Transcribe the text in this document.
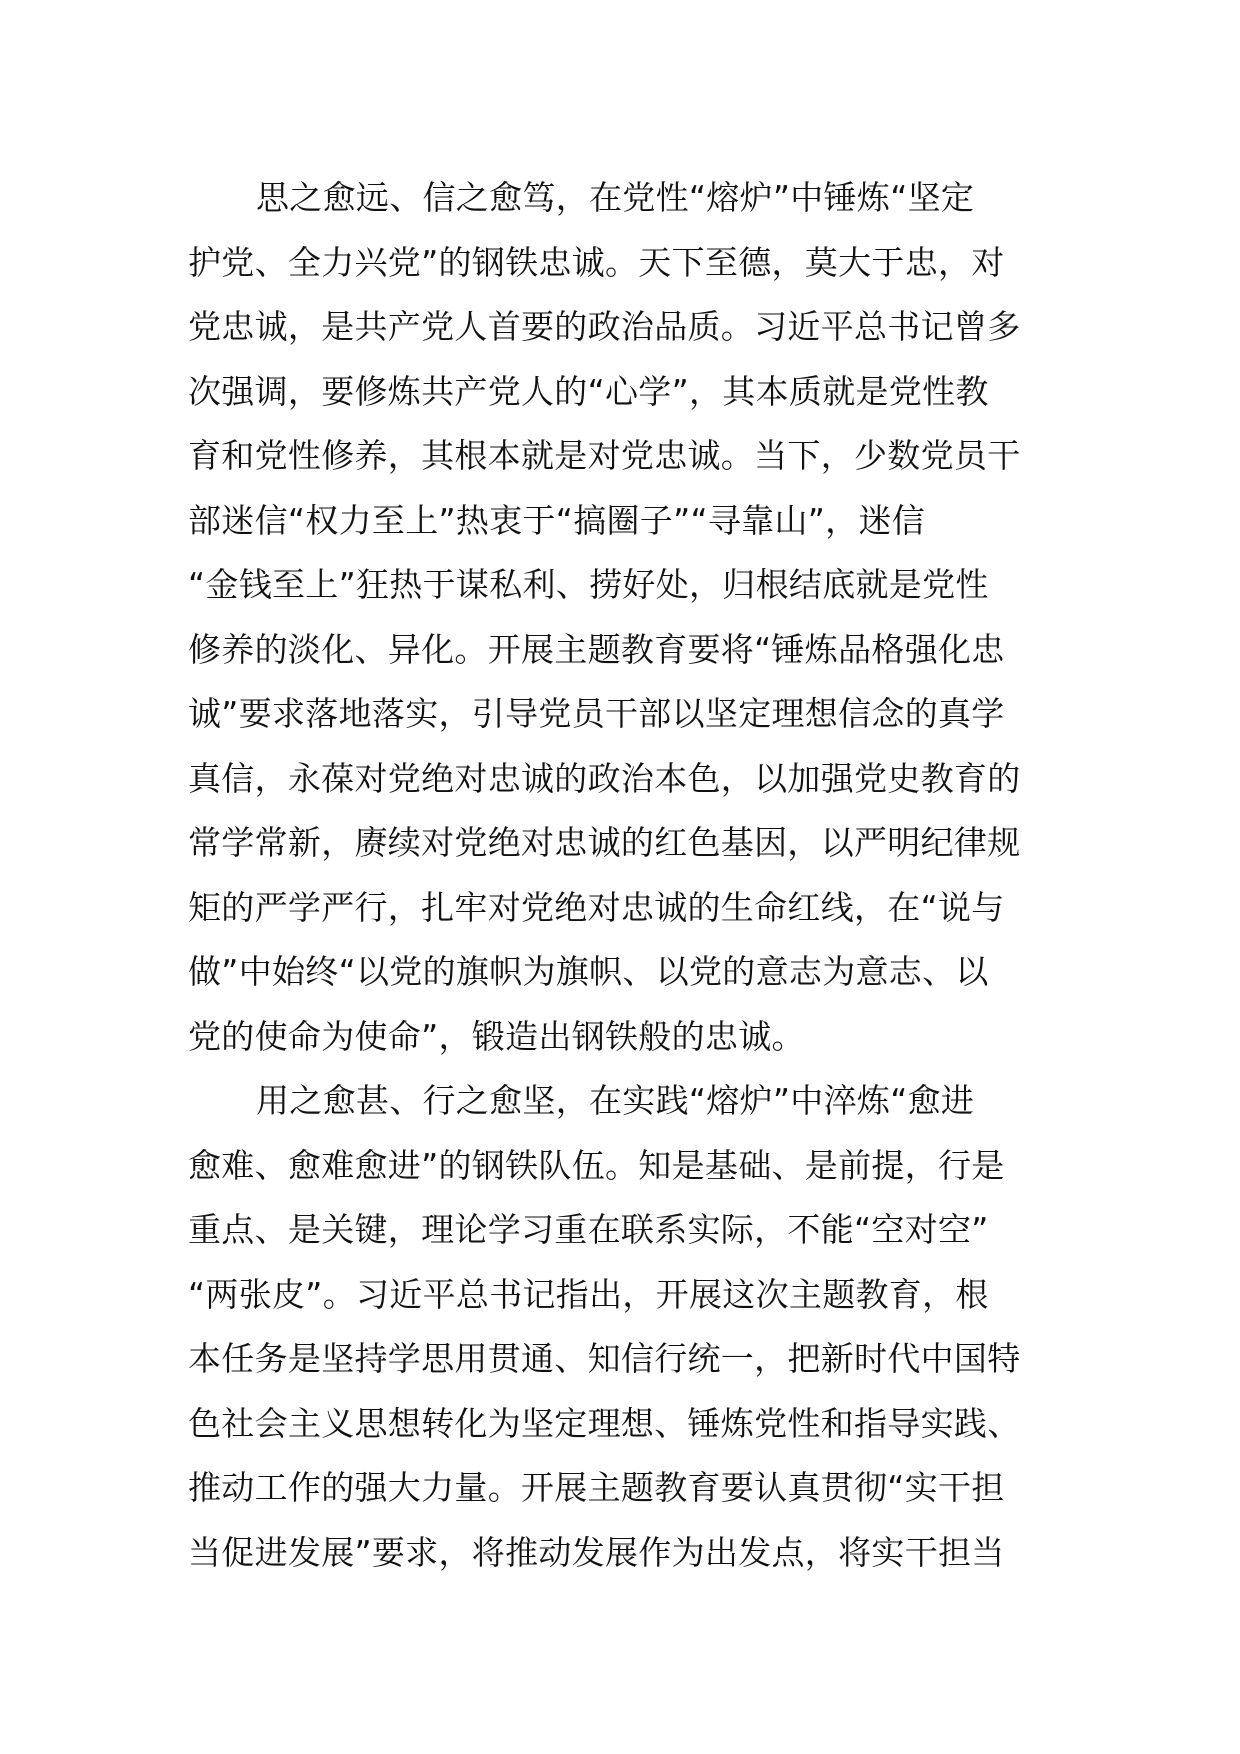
思之愈远、信之愈笃，在党性“熔炉”中锤炼“坚定
护党、全力兴党”的钢铁忠诚。天下至德，莫大于忠，对
党忠诚，是共产党人首要的政治品质。习近平总书记曾多
次强调，要修炼共产党人的“心学”，其本质就是党性教
育和党性修养，其根本就是对党忠诚。当下，少数党员干
部迷信“权力至上”热衷于“搞圈子”“寻靠山”，迷信
“金钱至上”狂热于谋私利、捞好处，归根结底就是党性
修养的淡化、异化。开展主题教育要将“锤炼品格强化忠
诚”要求落地落实，引导党员干部以坚定理想信念的真学
真信，永葆对党绝对忠诚的政治本色，以加强党史教育的
常学常新，赓续对党绝对忠诚的红色基因，以严明纪律规
矩的严学严行，扎牢对党绝对忠诚的生命红线，在“说与
做”中始终“以党的旗帜为旗帜、以党的意志为意志、以
党的使命为使命”，锻造出钢铁般的忠诚。

用之愈甚、行之愈坚，在实践“熔炉”中淬炼“愈进
愈难、愈难愈进”的钢铁队伍。知是基础、是前提，行是
重点、是关键，理论学习重在联系实际，不能“空对空”
“两张皮”。习近平总书记指出，开展这次主题教育，根
本任务是坚持学思用贯通、知信行统一，把新时代中国特
色社会主义思想转化为坚定理想、锤炼党性和指导实践、
推动工作的强大力量。开展主题教育要认真贯彻“实干担
当促进发展”要求，将推动发展作为出发点，将实干担当
